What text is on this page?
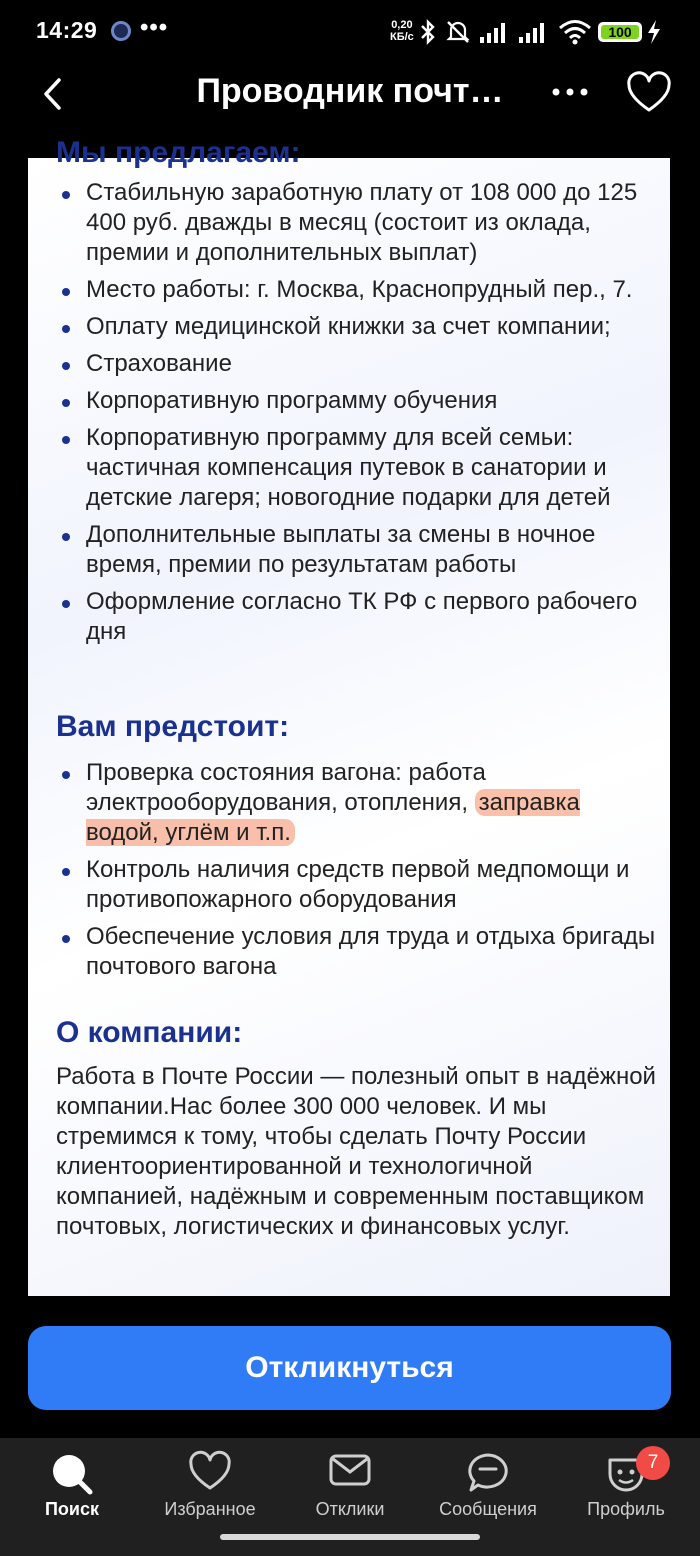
14:29 •••	0,20
КБ/с	100
Проводник почт…
Мы предлагаем:
Стабильную заработную плату от 108 000 до 125 400 руб. дважды в месяц (состоит из оклада, премии и дополнительных выплат)
Место работы: г. Москва, Краснопрудный пер., 7.
Оплату медицинской книжки за счет компании;
Страхование
Корпоративную программу обучения
Корпоративную программу для всей семьи: частичная компенсация путевок в санатории и детские лагеря; новогодние подарки для детей
Дополнительные выплаты за смены в ночное время, премии по результатам работы
Оформление согласно ТК РФ с первого рабочего дня
Вам предстоит:
Проверка состояния вагона: работа электрооборудования, отопления, заправка водой, углём и т.п.
Контроль наличия средств первой медпомощи и противопожарного оборудования
Обеспечение условия для труда и отдыха бригады почтового вагона
О компании:
Работа в Почте России — полезный опыт в надёжной компании.Нас более 300 000 человек. И мы стремимся к тому, чтобы сделать Почту России клиентоориентированной и технологичной компанией, надёжным и современным поставщиком почтовых, логистических и финансовых услуг.
Откликнуться
Поиск	Избранное	Отклики	Сообщения
7
Профиль
